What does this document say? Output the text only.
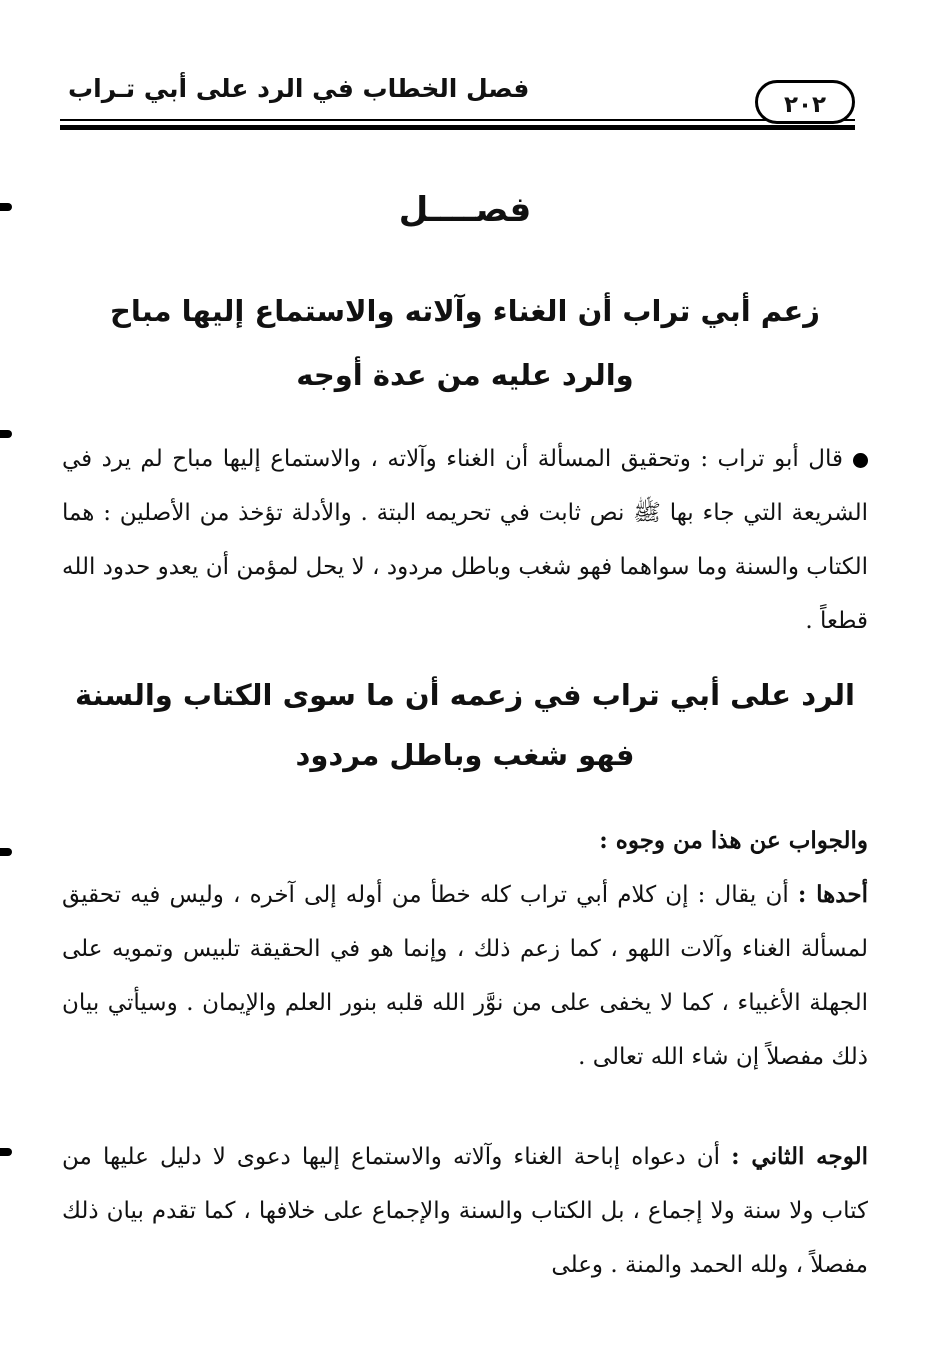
فصل الخطاب في الرد على أبي تـراب
٢٠٢
فصــــل
زعم أبي تراب أن الغناء وآلاته والاستماع إليها مباح
والرد عليه من عدة أوجه
قال أبو تراب : وتحقيق المسألة أن الغناء وآلاته ، والاستماع إليها مباح لم يرد في الشريعة التي جاء بها ﷺ نص ثابت في تحريمه البتة . والأدلة تؤخذ من الأصلين : هما الكتاب والسنة وما سواهما فهو شغب وباطل مردود ، لا يحل لمؤمن أن يعدو حدود الله قطعاً .
الرد على أبي تراب في زعمه أن ما سوى الكتاب والسنة
فهو شغب وباطل مردود
والجواب عن هذا من وجوه :
أحدها : أن يقال : إن كلام أبي تراب كله خطأ من أوله إلى آخره ، وليس فيه تحقيق لمسألة الغناء وآلات اللهو ، كما زعم ذلك ، وإنما هو في الحقيقة تلبيس وتمويه على الجهلة الأغبياء ، كما لا يخفى على من نوَّر الله قلبه بنور العلم والإيمان . وسيأتي بيان ذلك مفصلاً إن شاء الله تعالى .
الوجه الثاني : أن دعواه إباحة الغناء وآلاته والاستماع إليها دعوى لا دليل عليها من كتاب ولا سنة ولا إجماع ، بل الكتاب والسنة والإجماع على خلافها ، كما تقدم بيان ذلك مفصلاً ، ولله الحمد والمنة . وعلى
